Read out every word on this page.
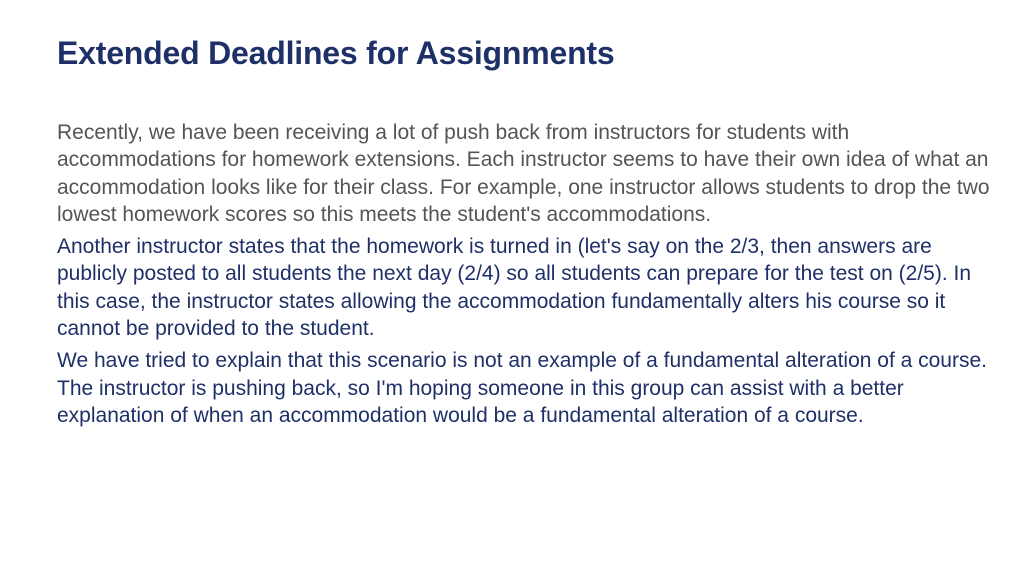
Extended Deadlines for Assignments

Recently, we have been receiving a lot of push back from instructors for students with accommodations for homework extensions. Each instructor seems to have their own idea of what an accommodation looks like for their class. For example, one instructor allows students to drop the two lowest homework scores so this meets the student's accommodations.

Another instructor states that the homework is turned in (let's say on the 2/3, then answers are publicly posted to all students the next day (2/4) so all students can prepare for the test on (2/5). In this case, the instructor states allowing the accommodation fundamentally alters his course so it cannot be provided to the student.

We have tried to explain that this scenario is not an example of a fundamental alteration of a course. The instructor is pushing back, so I'm hoping someone in this group can assist with a better explanation of when an accommodation would be a fundamental alteration of a course.
